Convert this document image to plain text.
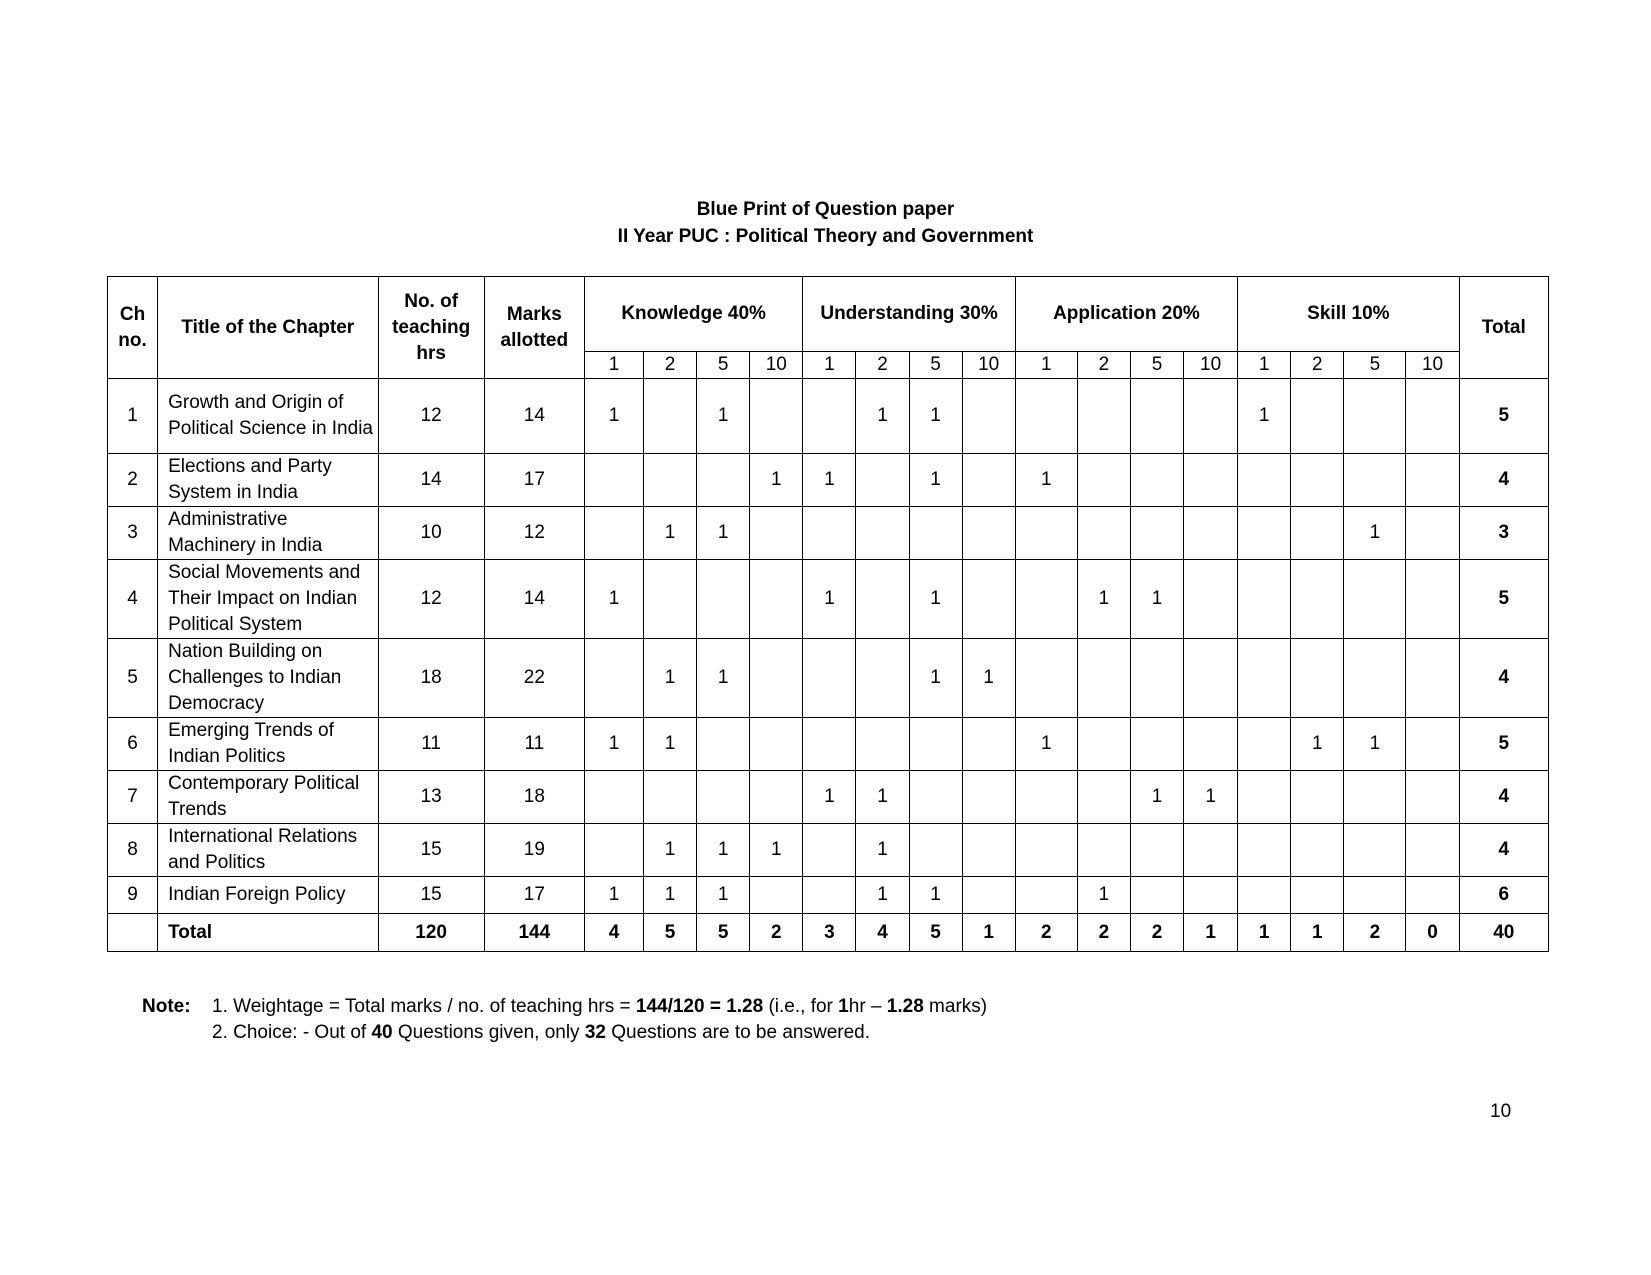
Blue Print of Question paper
II Year PUC : Political Theory and Government
Ch no.	Title of the Chapter	No. of teaching hrs	Marks allotted	Knowledge 40%				Understanding 30%				Application 20%				Skill 10%				Total
				1	2	5	10	1	2	5	10	1	2	5	10	1	2	5	10	
1	Growth and Origin of Political Science in India	12	14	1		1			1	1						1				5
2	Elections and Party System in India	14	17				1	1		1		1								4
3	Administrative Machinery in India	10	12		1	1												1		3
4	Social Movements and Their Impact on Indian Political System	12	14	1				1		1			1	1						5
5	Nation Building on Challenges to Indian Democracy	18	22		1	1				1	1									4
6	Emerging Trends of Indian Politics	11	11	1	1							1					1	1		5
7	Contemporary Political Trends	13	18					1	1					1	1					4
8	International Relations and Politics	15	19		1	1	1		1											4
9	Indian Foreign Policy	15	17	1	1	1			1	1			1							6
	Total	120	144	4	5	5	2	3	4	5	1	2	2	2	1	1	1	2	0	40
Note: 1. Weightage = Total marks / no. of teaching hrs = 144/120 = 1.28 (i.e., for 1hr – 1.28 marks)
2. Choice: - Out of 40 Questions given, only 32 Questions are to be answered.
10
